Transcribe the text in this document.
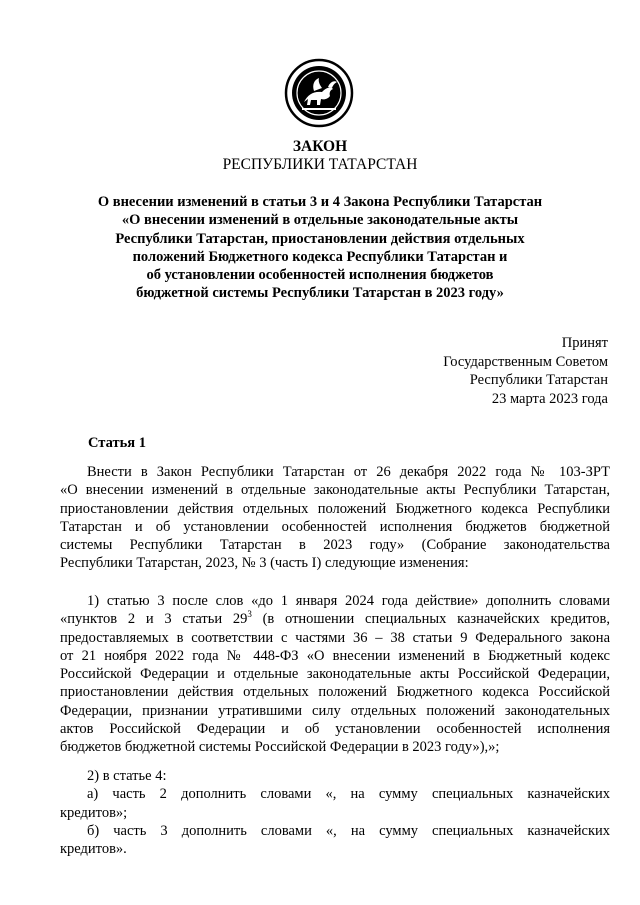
ЗАКОН
РЕСПУБЛИКИ ТАТАРСТАН
О внесении изменений в статьи 3 и 4 Закона Республики Татарстан
«О внесении изменений в отдельные законодательные акты
Республики Татарстан, приостановлении действия отдельных
положений Бюджетного кодекса Республики Татарстан и
об установлении особенностей исполнения бюджетов
бюджетной системы Республики Татарстан в 2023 году»
Принят
Государственным Советом
Республики Татарстан
23 марта 2023 года
Статья 1
Внести в Закон Республики Татарстан от 26 декабря 2022 года № 103-ЗРТ
«О внесении изменений в отдельные законодательные акты Республики Татарстан,
приостановлении действия отдельных положений Бюджетного кодекса Республики
Татарстан и об установлении особенностей исполнения бюджетов бюджетной
системы Республики Татарстан в 2023 году» (Собрание законодательства
Республики Татарстан, 2023, № 3 (часть I) следующие изменения:
1) статью 3 после слов «до 1 января 2024 года действие» дополнить словами
«пунктов 2 и 3 статьи $29^3$ (в отношении специальных казначейских кредитов,
предоставляемых в соответствии с частями 36 – 38 статьи 9 Федерального закона
от 21 ноября 2022 года № 448-ФЗ «О внесении изменений в Бюджетный кодекс
Российской Федерации и отдельные законодательные акты Российской Федерации,
приостановлении действия отдельных положений Бюджетного кодекса Российской
Федерации, признании утратившими силу отдельных положений законодательных
актов Российской Федерации и об установлении особенностей исполнения
бюджетов бюджетной системы Российской Федерации в 2023 году»),»;
2) в статье 4:
а) часть 2 дополнить словами «, на сумму специальных казначейских
кредитов»;
б) часть 3 дополнить словами «, на сумму специальных казначейских
кредитов».
